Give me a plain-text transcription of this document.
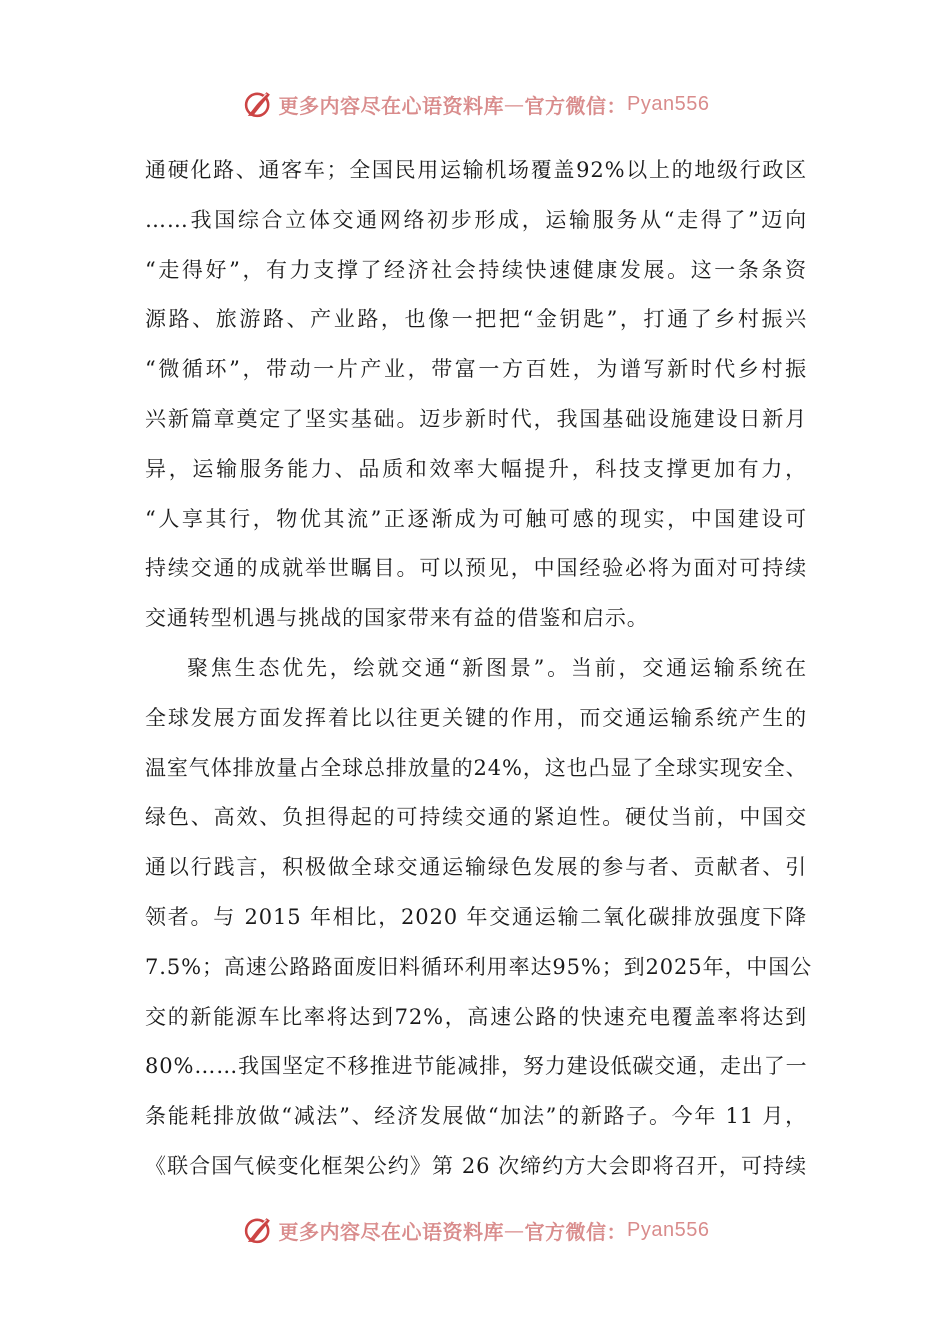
更多内容尽在心语资料库 — 官方微信： Pyan556
通硬化路、通客车；全国民用运输机场覆盖92%以上的地级行政区
……我国综合立体交通网络初步形成，运输服务从“走得了”迈向
“走得好”，有力支撑了经济社会持续快速健康发展。这一条条资
源路、旅游路、产业路，也像一把把“金钥匙”，打通了乡村振兴
“微循环”，带动一片产业，带富一方百姓，为谱写新时代乡村振
兴新篇章奠定了坚实基础。迈步新时代，我国基础设施建设日新月
异，运输服务能力、品质和效率大幅提升，科技支撑更加有力，
“人享其行，物优其流”正逐渐成为可触可感的现实，中国建设可
持续交通的成就举世瞩目。可以预见，中国经验必将为面对可持续
交通转型机遇与挑战的国家带来有益的借鉴和启示。
聚焦生态优先，绘就交通“新图景”。当前，交通运输系统在
全球发展方面发挥着比以往更关键的作用，而交通运输系统产生的
温室气体排放量占全球总排放量的24%，这也凸显了全球实现安全、
绿色、高效、负担得起的可持续交通的紧迫性。硬仗当前，中国交
通以行践言，积极做全球交通运输绿色发展的参与者、贡献者、引
领者。与 2015 年相比，2020 年交通运输二氧化碳排放强度下降
7.5%；高速公路路面废旧料循环利用率达95%；到2025年，中国公
交的新能源车比率将达到72%，高速公路的快速充电覆盖率将达到
80%……我国坚定不移推进节能减排，努力建设低碳交通，走出了一
条能耗排放做“减法”、经济发展做“加法”的新路子。今年 11 月，
《联合国气候变化框架公约》第 26 次缔约方大会即将召开，可持续
更多内容尽在心语资料库 — 官方微信： Pyan556
